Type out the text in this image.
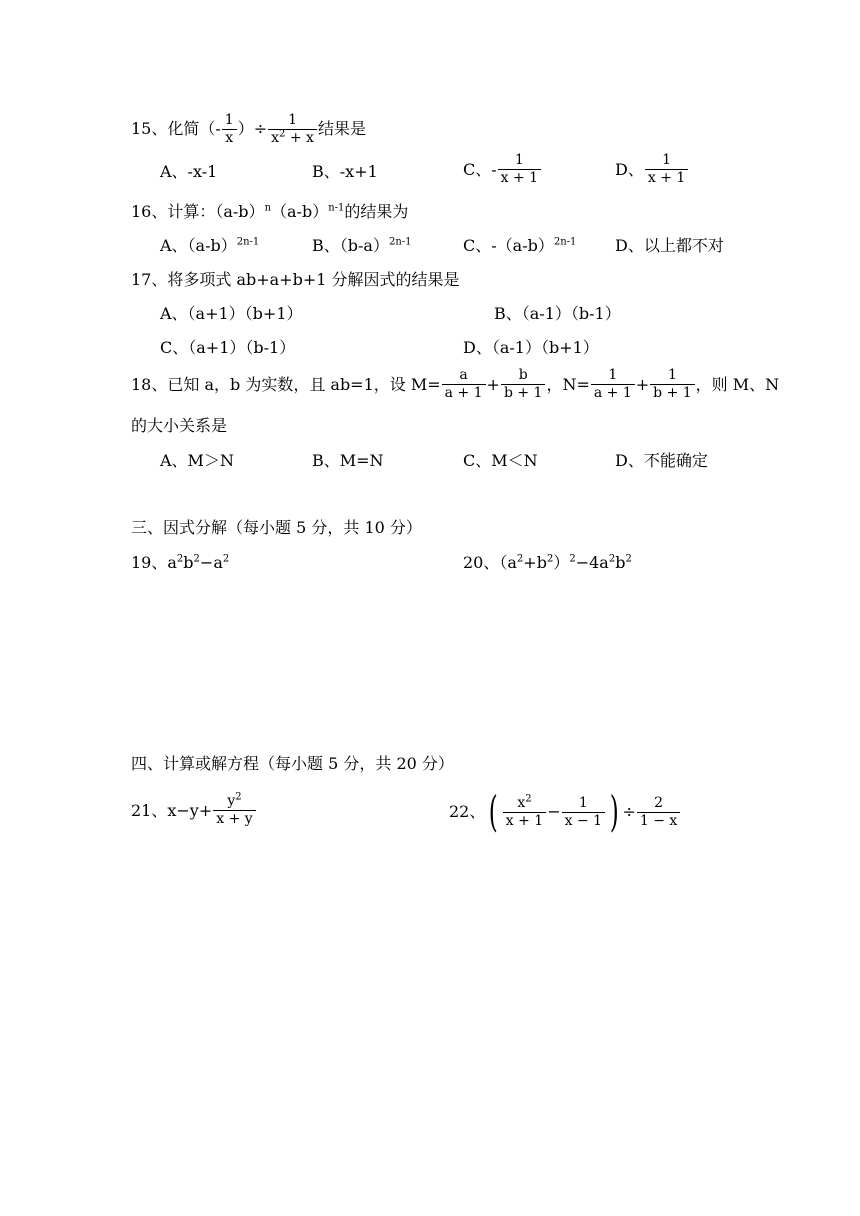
15、化简（- $\frac{1}{x}$ ）÷ $\frac{1}{x^2 + x}$ 结果是
A、-x-1	B、-x+1	C、- $\frac{1}{x + 1}$	D、 $\frac{1}{x + 1}$
16、计算：$(a-b)^n(a-b)^{n-1}$的结果为
A、$(a-b)^{2n-1}$	B、$(b-a)^{2n-1}$	C、$-(a-b)^{2n-1}$ D、以上都不对
17、将多项式 ab+a+b+1 分解因式的结果是
A、（a+1）（b+1）	B、（a-1）（b-1）
C、（a+1）（b-1）	D、（a-1）（b+1）
18、已知 a，b 为实数，且 ab=1，设 $M= \frac{a}{a + 1} + \frac{b}{b + 1}$ ，$N= \frac{1}{a + 1} + \frac{1}{b + 1}$ ，则 M、N
的大小关系是
A、M＞N	B、M=N	C、M＜N	D、不能确定
三、因式分解（每小题 5 分，共 10 分）
19、$a^2b^2-a^2$	20、$(a^2+b^2)^2-4a^2b^2$
四、计算或解方程（每小题 5 分，共 20 分）
21、$x-y+ \frac{y^2}{x + y}$	22、( $\frac{x^2}{x + 1} - \frac{1}{x - 1}$ ) ÷ $\frac{2}{1 - x}$
